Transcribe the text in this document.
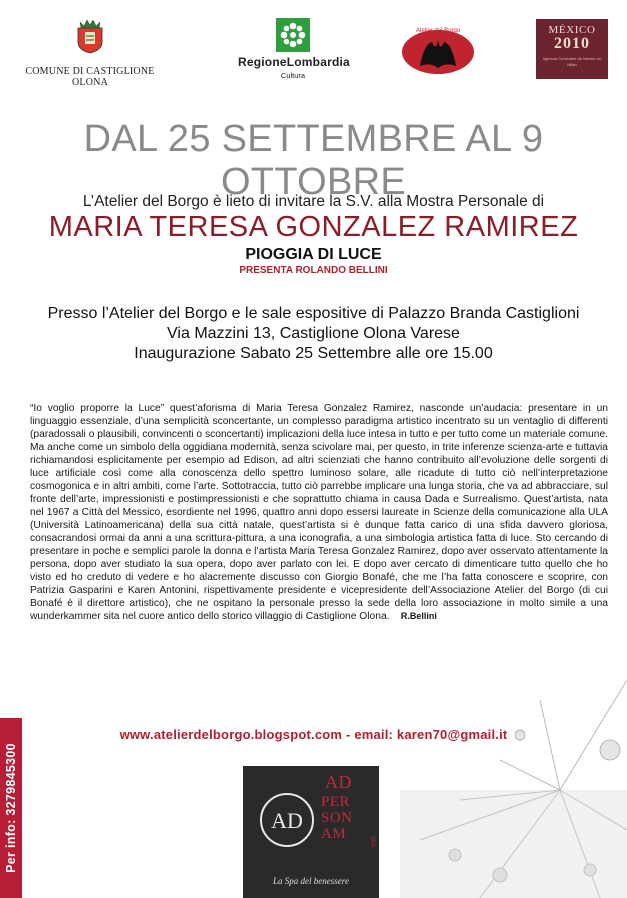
COMUNE DI CASTIGLIONE OLONA
RegioneLombardia
Cultura
Atelier del Borgo	MÉXICO
2010
Agenzia Consolare de México en Milán
DAL 25 SETTEMBRE AL 9 OTTOBRE
L’Atelier del Borgo è lieto di invitare la S.V. alla Mostra Personale di
MARIA TERESA GONZALEZ RAMIREZ
PIOGGIA DI LUCE
PRESENTA ROLANDO BELLINI
Presso l’Atelier del Borgo e le sale espositive di Palazzo Branda Castiglioni
Via Mazzini 13, Castiglione Olona Varese
Inaugurazione Sabato 25 Settembre alle ore 15.00
“Io voglio proporre la Luce” quest’aforisma di Maria Teresa Gonzalez Ramirez, nasconde un’audacia: presentare in un linguaggio essenziale, d’una semplicità sconcertante, un complesso paradigma artistico incentrato su un ventaglio di differenti (paradossali o plausibili, convincenti o sconcertanti) implicazioni della luce intesa in tutto e per tutto come un materiale comune. Ma anche come un simbolo della oggidiana modernità, senza scivolare mai, per questo, in trite inferenze scienza-arte e tuttavia richiamandosi esplicitamente per esempio ad Edison, ad altri scienziati che hanno contribuito all’evoluzione delle sorgenti di luce artificiale così come alla conoscenza dello spettro luminoso solare, alle ricadute di tutto ciò nell’interpretazione cosmogonica e in altri ambiti, come l’arte. Sottotraccia, tutto ciò parrebbe implicare una lunga storia, che va ad abbracciare, sul fronte dell’arte, impressionisti e postimpressionisti e che soprattutto chiama in causa Dada e Surrealismo. Quest’artista, nata nel 1967 a Città del Messico, esordiente nel 1996, quattro anni dopo essersi laureate in Scienze della comunicazione alla ULA (Università Latinoamericana) della sua città natale, quest’artista si è dunque fatta carico di una sfida davvero gloriosa, consacrandosi ormai da anni a una scrittura-pittura, a una iconografia, a una simbologia artistica fatta di luce. Sto cercando di presentare in poche e semplici parole la donna e l’artista Maria Teresa Gonzalez Ramirez, dopo aver osservato attentamente la persona, dopo aver studiato la sua opera, dopo aver parlato con lei. E dopo aver cercato di dimenticare tutto quello che ho visto ed ho creduto di vedere e ho alacremente discusso con Giorgio Bonafé, che me l’ha fatta conoscere e scoprire, con Patrizia Gasparini e Karen Antonini, rispettivamente presidente e vicepresidente dell’Associazione Atelier del Borgo (di cui Bonafé è il direttore artistico), che ne ospitano la personale presso la sede della loro associazione in molto simile a una wunderkammer sita nel cuore antico dello storico villaggio di Castiglione Olona. R.Bellini
www.atelierdelborgo.blogspot.com - email: karen70@gmail.it
Per info: 3279845300	AD
AD
PER
SON
AM	SPA
La Spa del benessere
